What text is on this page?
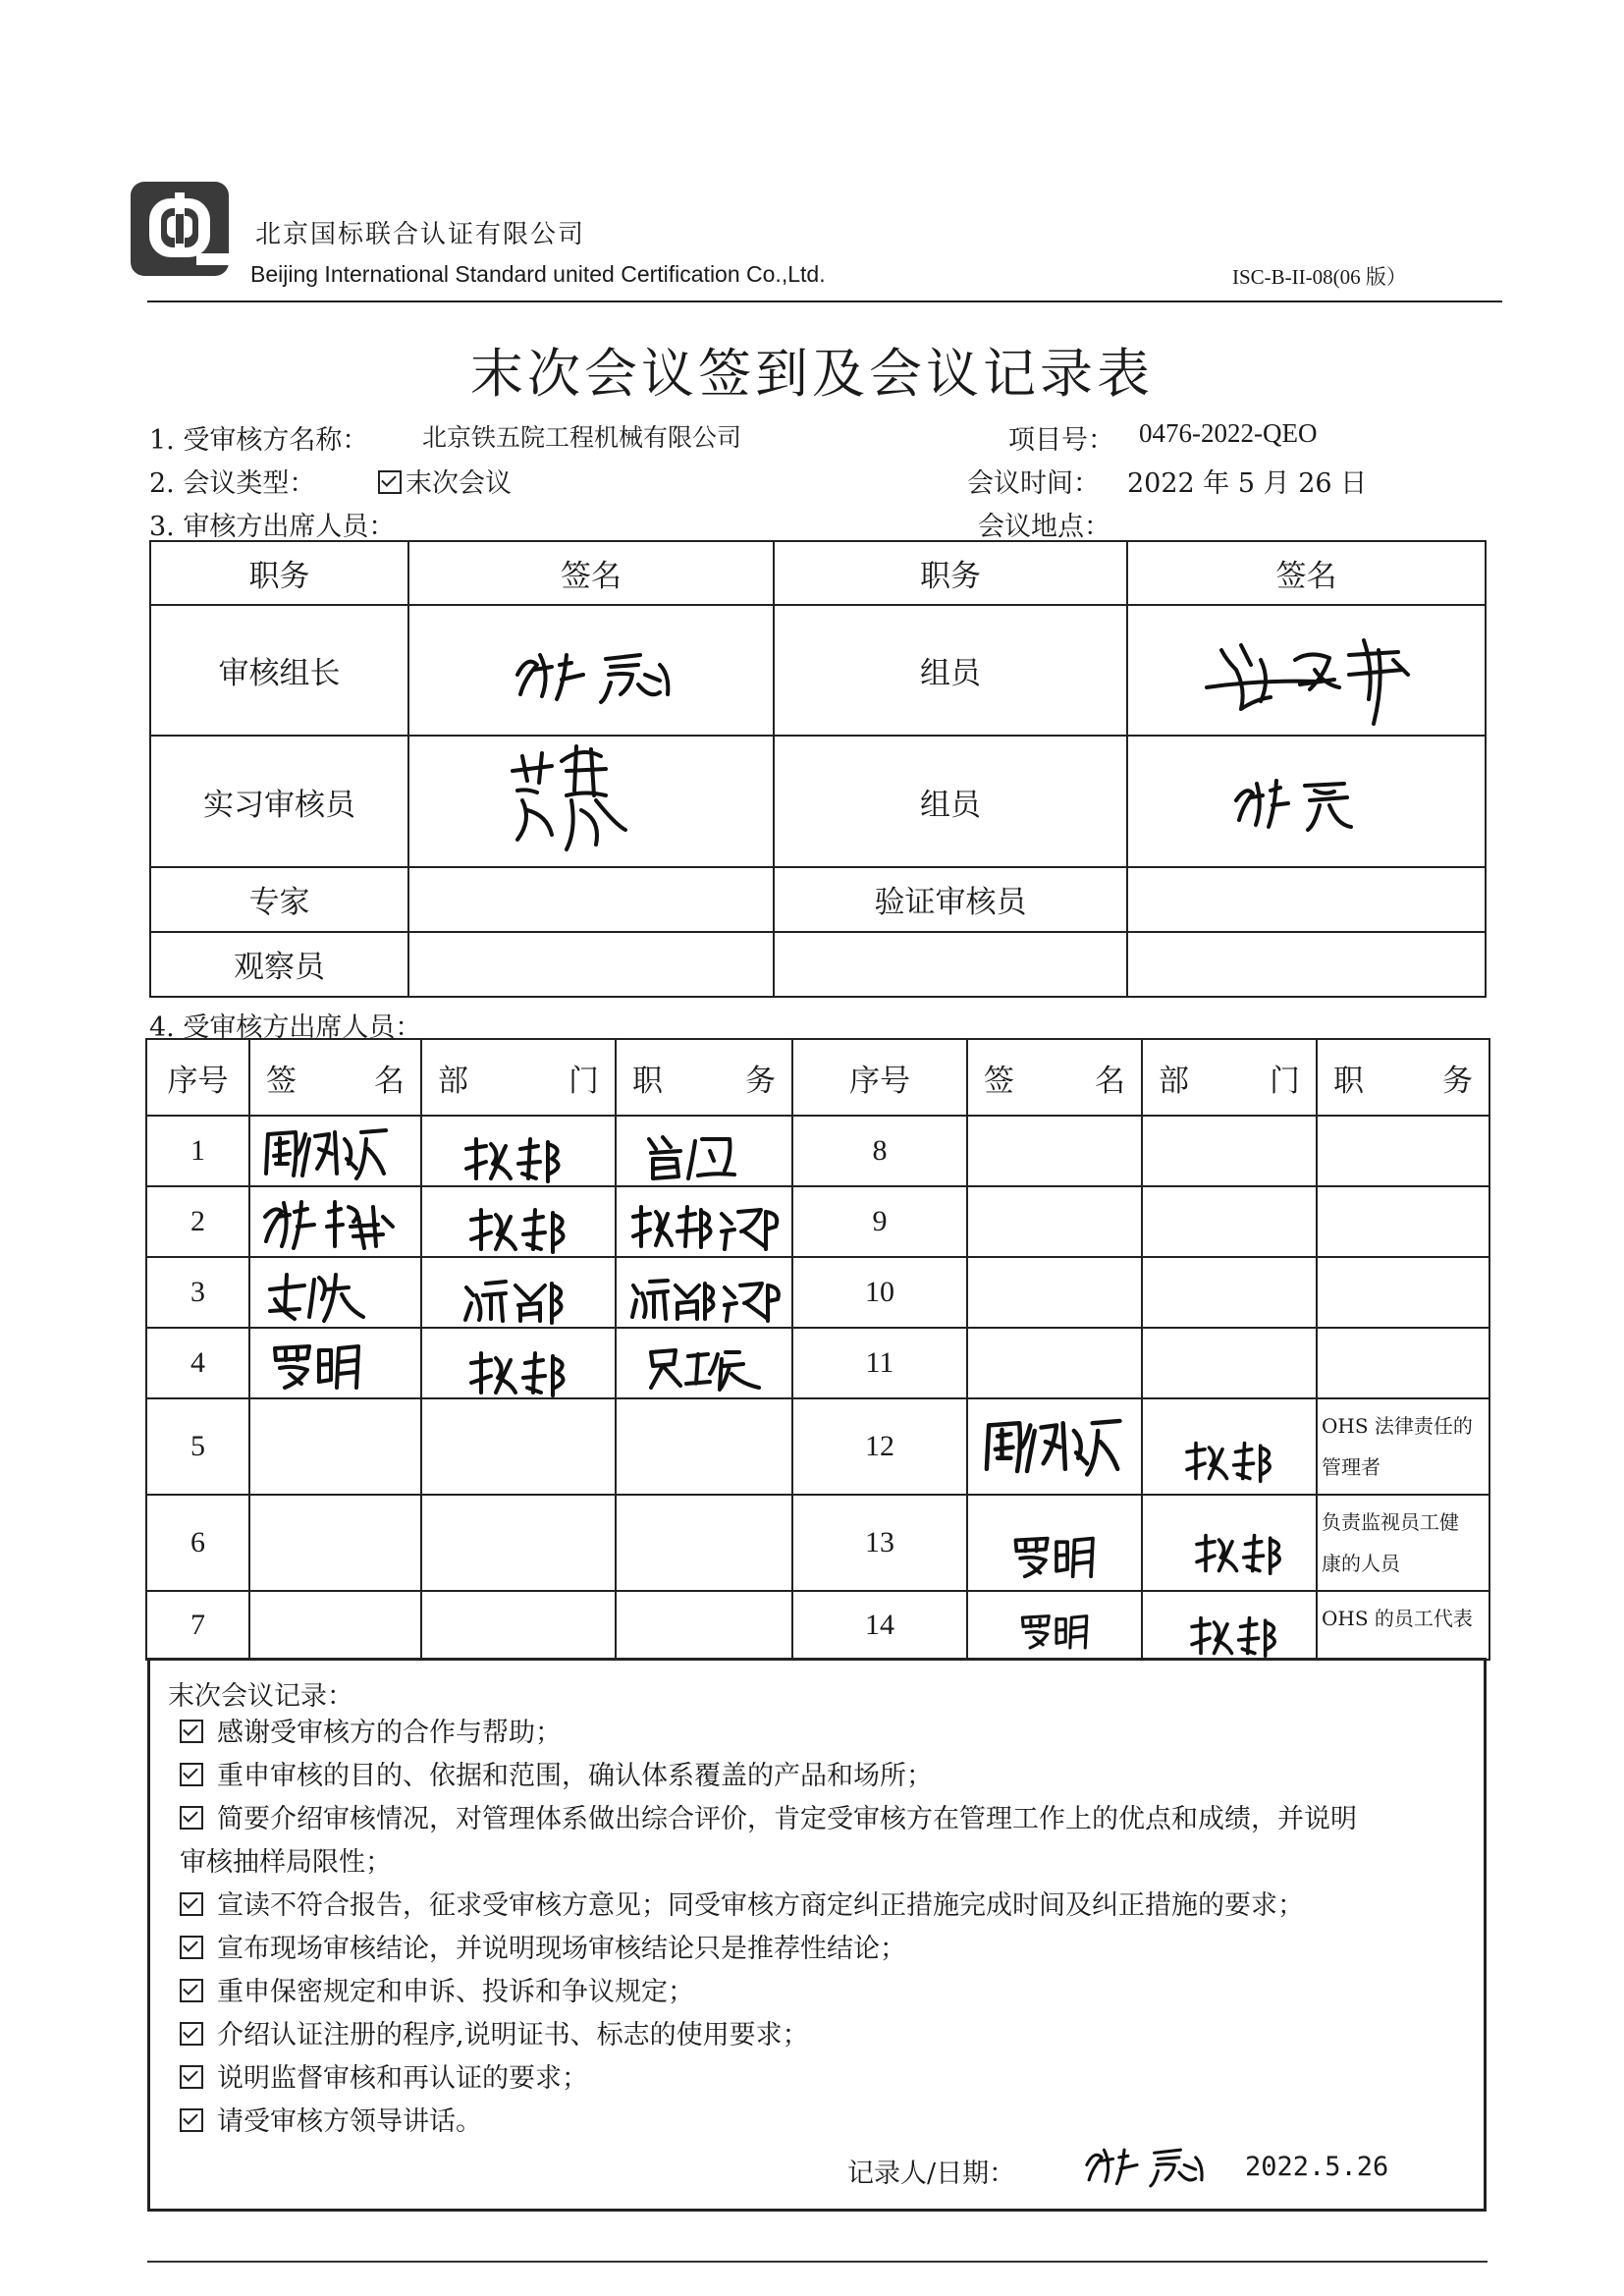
北京国标联合认证有限公司
Beijing International Standard united Certification Co.,Ltd.	ISC-B-II-08(06 版）
末次会议签到及会议记录表
1. 受审核方名称： 北京铁五院工程机械有限公司	项目号： 0476-2022-QEO
2. 会议类型：	末次会议	会议时间： 2022 年 5 月 26 日
3. 审核方出席人员：	会议地点：
职务	签名	职务	签名
审核组长		组员	

实习审核员		组员	

专家		验证审核员	
观察员			
4. 受审核方出席人员：
序号	签 名	部 门	职 务	序号	签 名	部 门	职 务

1				8			
2				9			
3				10			
4				11			
5				12			OHS 法律责任的
管理者

6				13			负责监视员工健
康的人员

7				14			OHS 的员工代表
末次会议记录：
感谢受审核方的合作与帮助；
重申审核的目的、依据和范围，确认体系覆盖的产品和场所；
简要介绍审核情况，对管理体系做出综合评价，肯定受审核方在管理工作上的优点和成绩，并说明
审核抽样局限性；
宣读不符合报告，征求受审核方意见；同受审核方商定纠正措施完成时间及纠正措施的要求；
宣布现场审核结论，并说明现场审核结论只是推荐性结论；
重申保密规定和申诉、投诉和争议规定；
介绍认证注册的程序,说明证书、标志的使用要求；
说明监督审核和再认证的要求；
请受审核方领导讲话。
记录人/日期：	2022.5.26
